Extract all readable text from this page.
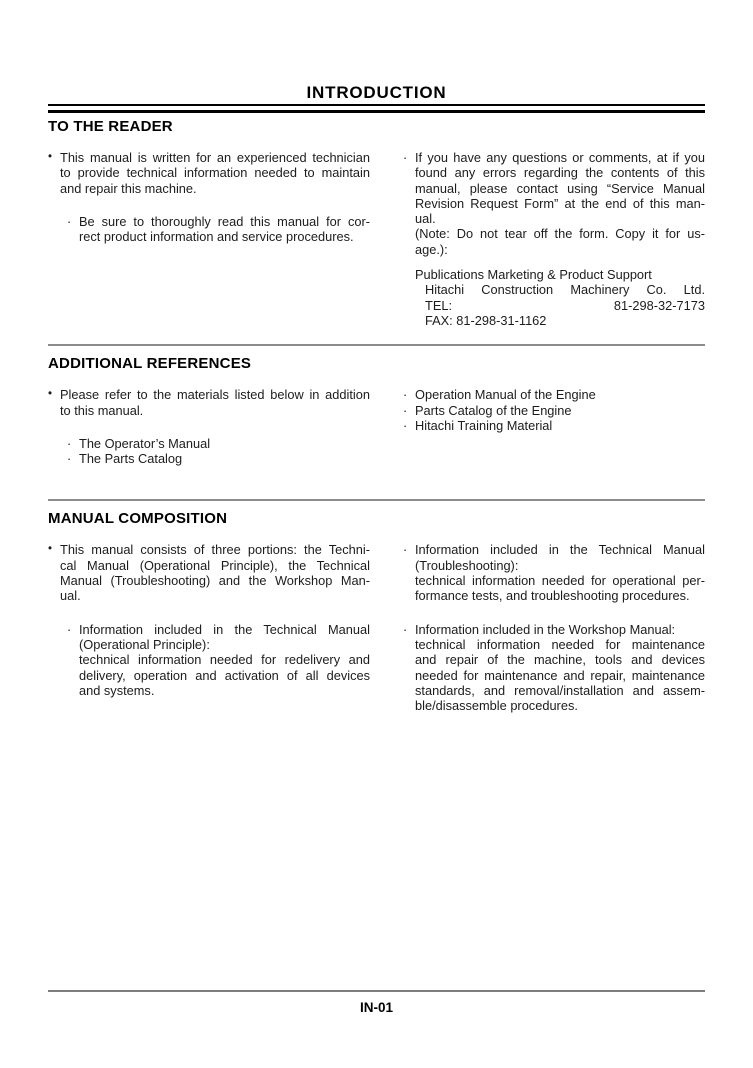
INTRODUCTION
TO THE READER
• This manual is written for an experienced technician
to provide technical information needed to maintain
and repair this machine.
· Be sure to thoroughly read this manual for cor-
rect product information and service procedures.
· If you have any questions or comments, at if you
found any errors regarding the contents of this
manual, please contact using “Service Manual
Revision Request Form” at the end of this man-
ual.
(Note: Do not tear off the form. Copy it for us-
age.):
Publications Marketing & Product Support
Hitachi Construction Machinery Co. Ltd.
TEL: 81-298-32-7173
FAX: 81-298-31-1162
ADDITIONAL REFERENCES
• Please refer to the materials listed below in addition
to this manual.
· The Operator’s Manual
· The Parts Catalog
· Operation Manual of the Engine
· Parts Catalog of the Engine
· Hitachi Training Material
MANUAL COMPOSITION
• This manual consists of three portions: the Techni-
cal Manual (Operational Principle), the Technical
Manual (Troubleshooting) and the Workshop Man-
ual.
· Information included in the Technical Manual
(Operational Principle):
technical information needed for redelivery and
delivery, operation and activation of all devices
and systems.
· Information included in the Technical Manual
(Troubleshooting):
technical information needed for operational per-
formance tests, and troubleshooting procedures.
· Information included in the Workshop Manual:
technical information needed for maintenance
and repair of the machine, tools and devices
needed for maintenance and repair, maintenance
standards, and removal/installation and assem-
ble/disassemble procedures.
IN-01
